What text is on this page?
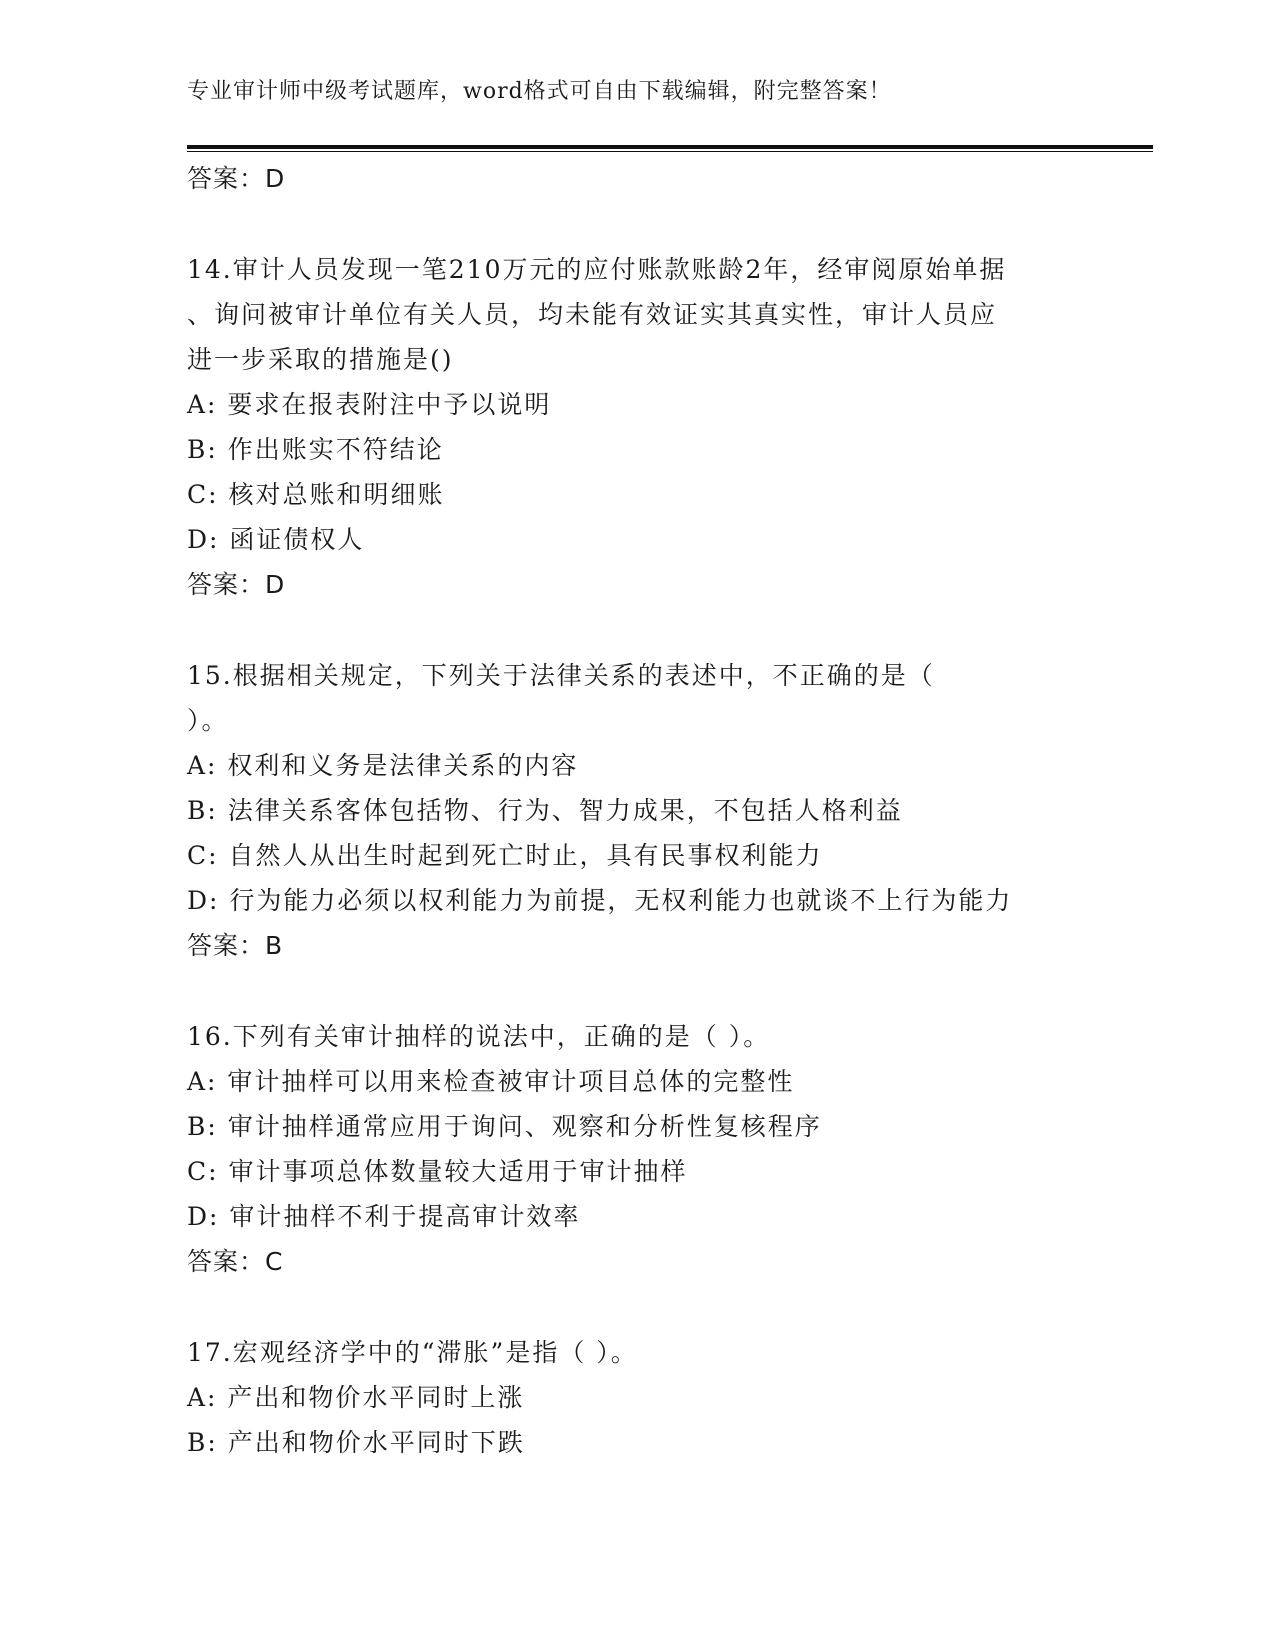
专业审计师中级考试题库，word格式可自由下载编辑，附完整答案！
答案：D
14.审计人员发现一笔210万元的应付账款账龄2年，经审阅原始单据
、询问被审计单位有关人员，均未能有效证实其真实性，审计人员应
进一步采取的措施是()
A: 要求在报表附注中予以说明
B: 作出账实不符结论
C: 核对总账和明细账
D: 函证债权人
答案：D
15.根据相关规定，下列关于法律关系的表述中，不正确的是（
）。
A: 权利和义务是法律关系的内容
B: 法律关系客体包括物、行为、智力成果，不包括人格利益
C: 自然人从出生时起到死亡时止，具有民事权利能力
D: 行为能力必须以权利能力为前提，无权利能力也就谈不上行为能力
答案：B
16.下列有关审计抽样的说法中，正确的是（ ）。
A: 审计抽样可以用来检查被审计项目总体的完整性
B: 审计抽样通常应用于询问、观察和分析性复核程序
C: 审计事项总体数量较大适用于审计抽样
D: 审计抽样不利于提高审计效率
答案：C
17.宏观经济学中的“滞胀”是指（ ）。
A: 产出和物价水平同时上涨
B: 产出和物价水平同时下跌
